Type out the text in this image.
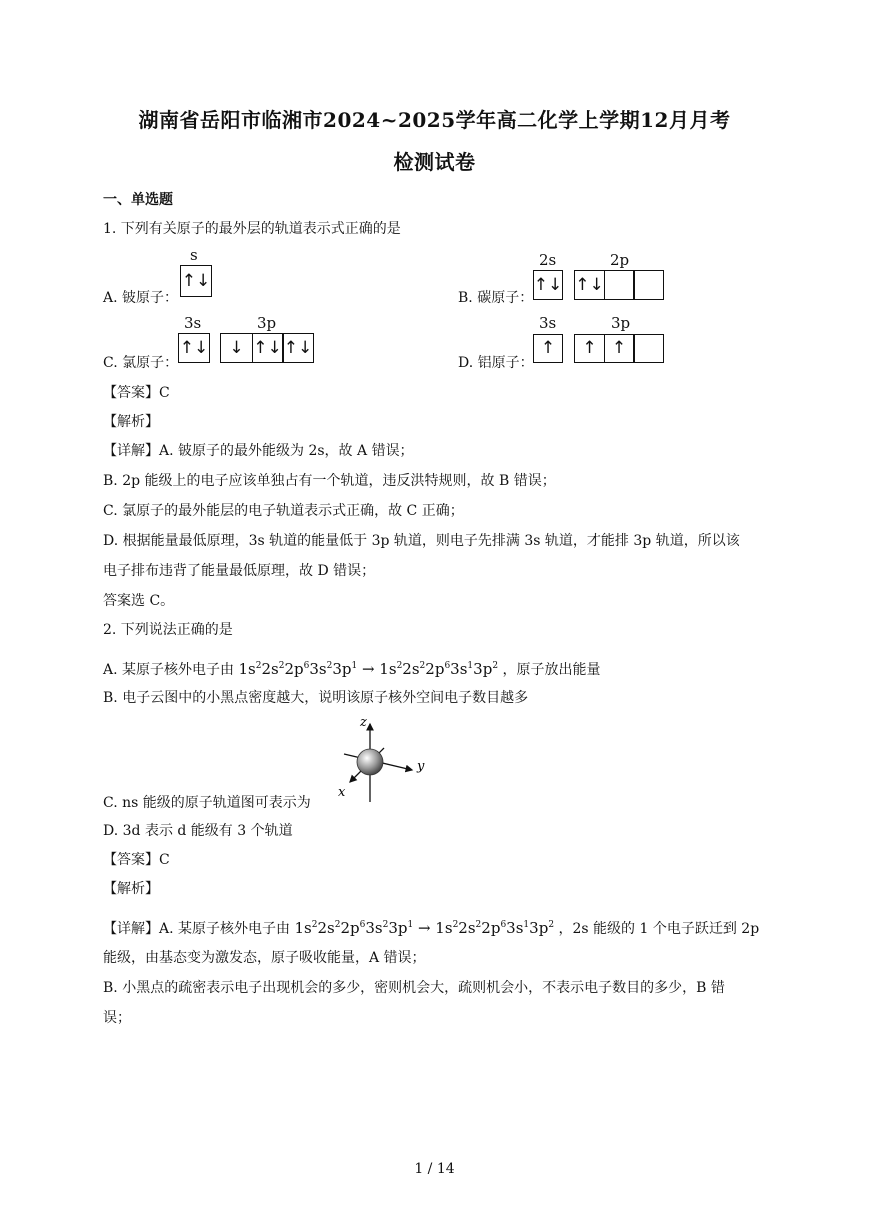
湖南省岳阳市临湘市2024~2025学年高二化学上学期12月月考
检测试卷
一、单选题
1. 下列有关原子的最外层的轨道表示式正确的是
A. 铍原子：
s
↑↓
B. 碳原子：
2s	2p
↑↓ ↑↓
C. 氯原子：
3s	3p
↑↓	↓ ↑↓ ↑↓
D. 铝原子：
3s	3p
↑	↑ ↑
【答案】C
【解析】
【详解】A. 铍原子的最外能级为 2s，故 A 错误；
B. 2p 能级上的电子应该单独占有一个轨道，违反洪特规则，故 B 错误；
C. 氯原子的最外能层的电子轨道表示式正确，故 C 正确；
D. 根据能量最低原理，3s 轨道的能量低于 3p 轨道，则电子先排满 3s 轨道，才能排 3p 轨道，所以该
电子排布违背了能量最低原理，故 D 错误；
答案选 C。
2. 下列说法正确的是
A. 某原子核外电子由 $1s^22s^22p^63s^23p^1 \to 1s^22s^22p^63s^13p^2$ ，原子放出能量
B. 电子云图中的小黑点密度越大，说明该原子核外空间电子数目越多
z
y
x
C. ns 能级的原子轨道图可表示为
D. 3d 表示 d 能级有 3 个轨道
【答案】C
【解析】
【详解】A. 某原子核外电子由 $1s^22s^22p^63s^23p^1 \to 1s^22s^22p^63s^13p^2$ ，2s 能级的 1 个电子跃迁到 2p
能级，由基态变为激发态，原子吸收能量，A 错误；
B. 小黑点的疏密表示电子出现机会的多少，密则机会大，疏则机会小，不表示电子数目的多少，B 错
误；
1 / 14
